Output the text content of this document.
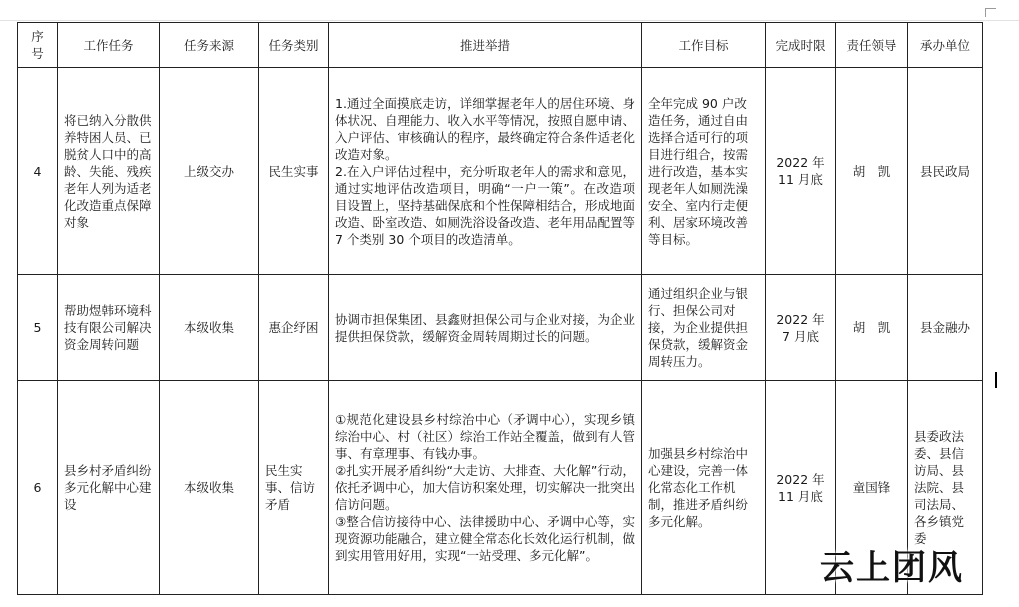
序号	工作任务	任务来源	任务类别	推进举措	工作目标	完成时限	责任领导	承办单位
4	将已纳入分散供养特困人员、已脱贫人口中的高龄、失能、残疾老年人列为适老化改造重点保障对象	上级交办	民生实事	1.通过全面摸底走访，详细掌握老年人的居住环境、身体状况、自理能力、收入水平等情况，按照自愿申请、入户评估、审核确认的程序，最终确定符合条件适老化改造对象。
2.在入户评估过程中，充分听取老年人的需求和意见，通过实地评估改造项目，明确“一户一策”。在改造项目设置上，坚持基础保底和个性保障相结合，形成地面改造、卧室改造、如厕洗浴设备改造、老年用品配置等 7 个类别 30 个项目的改造清单。	全年完成 90 户改造任务，通过自由选择合适可行的项目进行组合，按需进行改造，基本实现老年人如厕洗澡安全、室内行走便利、居家环境改善等目标。	2022 年 11 月底	胡　凯	县民政局
5	帮助煜韩环境科技有限公司解决资金周转问题	本级收集	惠企纾困	协调市担保集团、县鑫财担保公司与企业对接，为企业提供担保贷款，缓解资金周转周期过长的问题。	通过组织企业与银行、担保公司对接，为企业提供担保贷款，缓解资金周转压力。	2022 年 7 月底	胡　凯	县金融办
6	县乡村矛盾纠纷多元化解中心建设	本级收集	民生实事、信访矛盾	①规范化建设县乡村综治中心（矛调中心），实现乡镇综治中心、村（社区）综治工作站全覆盖，做到有人管事、有章理事、有钱办事。
②扎实开展矛盾纠纷“大走访、大排查、大化解”行动，依托矛调中心，加大信访积案处理，切实解决一批突出信访问题。
③整合信访接待中心、法律援助中心、矛调中心等，实现资源功能融合，建立健全常态化长效化运行机制，做到实用管用好用，实现“一站受理、多元化解”。	加强县乡村综治中心建设，完善一体化常态化工作机制，推进矛盾纠纷多元化解。	2022 年 11 月底	童国锋	县委政法委、县信访局、县法院、县司法局、各乡镇党委
云上团风
